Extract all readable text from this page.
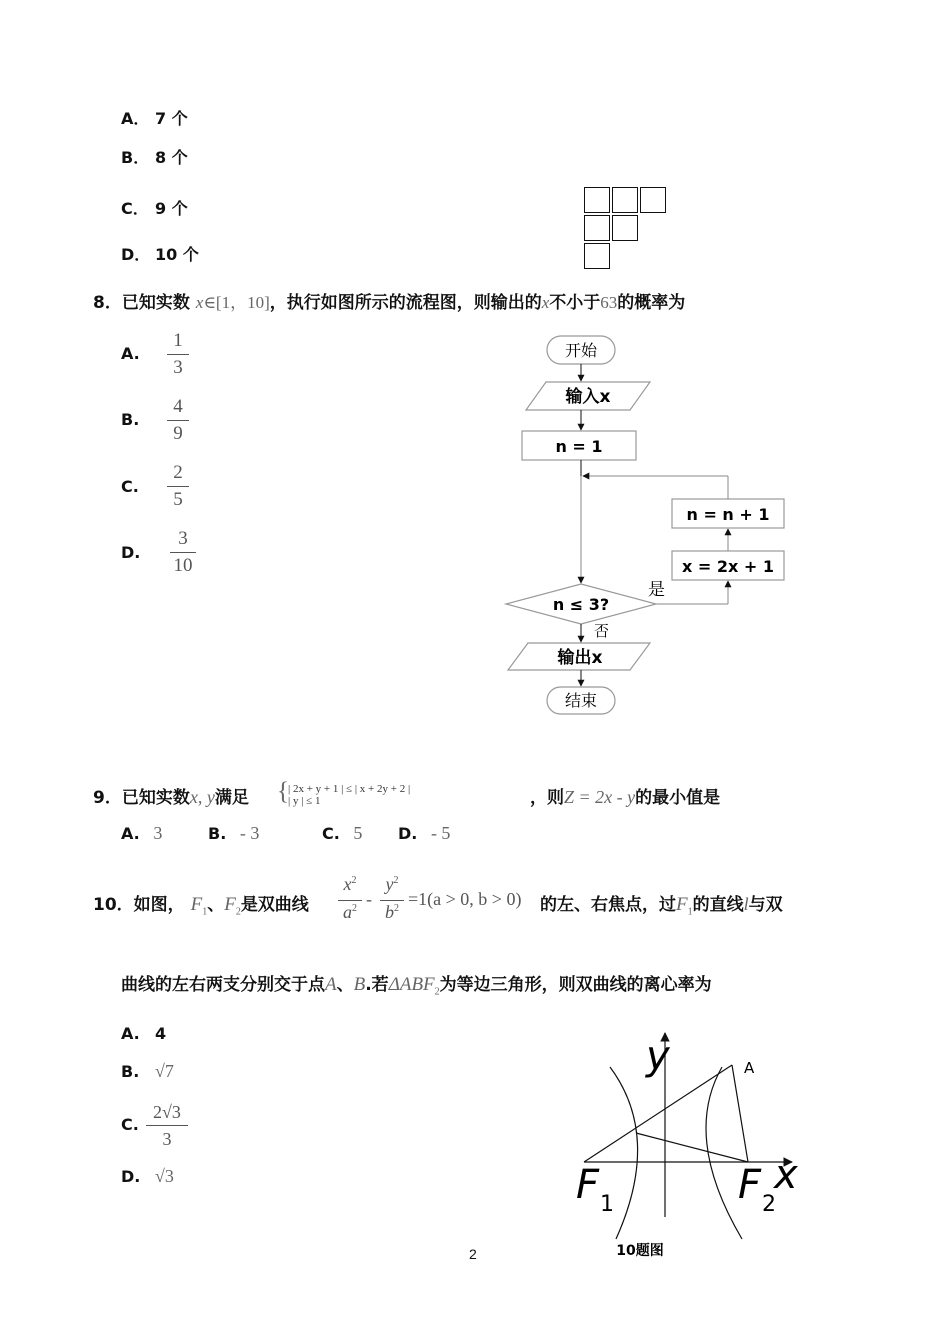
A． 7 个
B． 8 个
C． 9 个
D． 10 个
8．已知实数 x∈[1，10]，执行如图所示的流程图，则输出的x不小于63的概率为
A.
1
3
B.
4
9
C.
2
5
D.
3
10
开始
输入x
n = 1
n = n + 1
x = 2x + 1
n ≤ 3?
是
否
输出x
结束
9．已知实数x, y满足 { | 2x + y + 1 | ≤ | x + 2y + 2 |
| y | ≤ 1	，则Z = 2x - y的最小值是
A. 3	B. - 3	C. 5 D. - 5
10．如图， $F_1$、$F_2$是双曲线
$x^2$
$a^2$ -
$y^2$
$b^2 =1(a > 0$, b > 0) 的左、右焦点，过$F_1$的直线l与双
曲线的左右两支分别交于点A、B.若$\Delta ABF_2$为等边三角形，则双曲线的离心率为
A. 4
B. √7
C.
2√3
3
D. √3
y
x
A
F 1	F 2
10题图
2
